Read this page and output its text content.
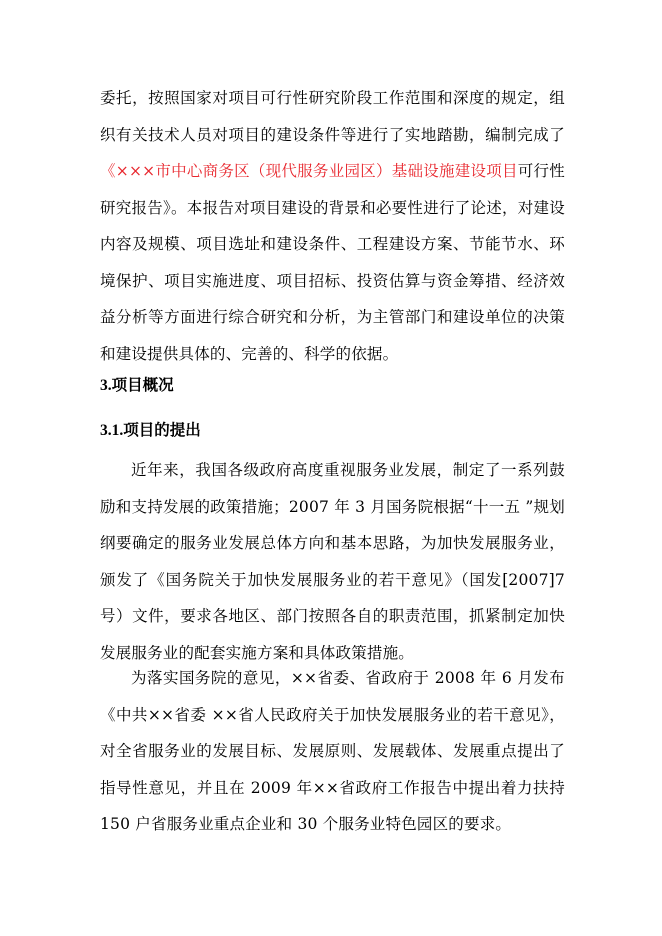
委托，按照国家对项目可行性研究阶段工作范围和深度的规定，组织有关技术人员对项目的建设条件等进行了实地踏勘，编制完成了《×××市中心商务区（现代服务业园区）基础设施建设项目可行性研究报告》。本报告对项目建设的背景和必要性进行了论述，对建设内容及规模、项目选址和建设条件、工程建设方案、节能节水、环境保护、项目实施进度、项目招标、投资估算与资金筹措、经济效益分析等方面进行综合研究和分析，为主管部门和建设单位的决策和建设提供具体的、完善的、科学的依据。

3.项目概况

3.1.项目的提出

近年来，我国各级政府高度重视服务业发展，制定了一系列鼓励和支持发展的政策措施；2007 年 3 月国务院根据“十一五 ”规划纲要确定的服务业发展总体方向和基本思路，为加快发展服务业，颁发了《国务院关于加快发展服务业的若干意见》（国发[2007]7 号）文件，要求各地区、部门按照各自的职责范围，抓紧制定加快发展服务业的配套实施方案和具体政策措施。

为落实国务院的意见，××省委、省政府于 2008 年 6 月发布《中共××省委 ××省人民政府关于加快发展服务业的若干意见》，对全省服务业的发展目标、发展原则、发展载体、发展重点提出了指导性意见，并且在 2009 年××省政府工作报告中提出着力扶持 150 户省服务业重点企业和 30 个服务业特色园区的要求。
